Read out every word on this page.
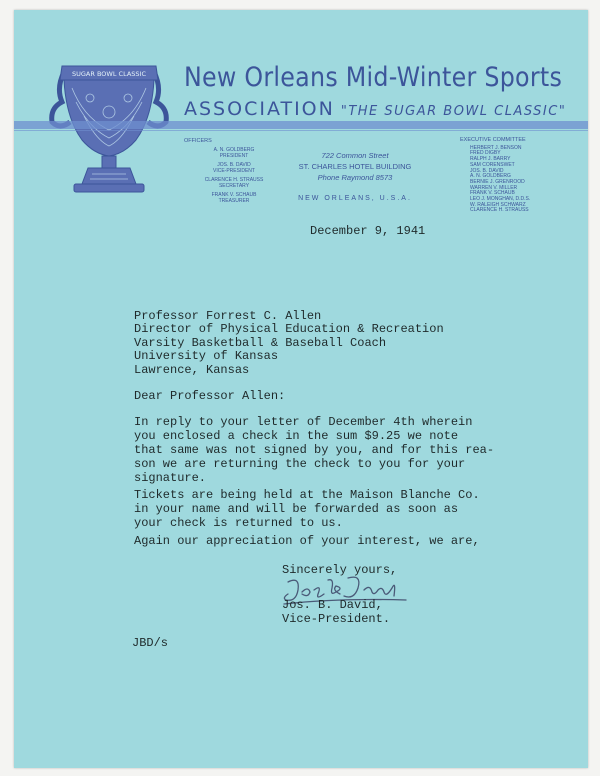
SUGAR BOWL CLASSIC New Orleans Mid-Winter Sports
ASSOCIATION "THE SUGAR BOWL CLASSIC"
OFFICERS
A. N. GOLDBERG
PRESIDENT
JOS. B. DAVID
VICE-PRESIDENT
CLARENCE H. STRAUSS
SECRETARY
FRANK V. SCHAUB
TREASURER
722 Common Street
ST. CHARLES HOTEL BUILDING
Phone Raymond 8573
NEW ORLEANS, U.S.A.
EXECUTIVE COMMITTEE
HERBERT J. BENSON
FRED DIGBY
RALPH J. BARRY
SAM CORENSWET
JOS. B. DAVID
A. N. GOLDBERG
BERNIE J. GRENROOD
WARREN V. MILLER
FRANK V. SCHAUB
LEO J. MONGHAN, D.D.S.
W. RALEIGH SCHWARZ
CLARENCE H. STRAUSS
December 9, 1941
Professor Forrest C. Allen
Director of Physical Education & Recreation
Varsity Basketball & Baseball Coach
University of Kansas
Lawrence, Kansas
Dear Professor Allen:
In reply to your letter of December 4th wherein
you enclosed a check in the sum $9.25 we note
that same was not signed by you, and for this rea-
son we are returning the check to you for your
signature.
Tickets are being held at the Maison Blanche Co.
in your name and will be forwarded as soon as
your check is returned to us.
Again our appreciation of your interest, we are,
Sincerely yours,
Jos. B. David,
Vice-President.
JBD/s
